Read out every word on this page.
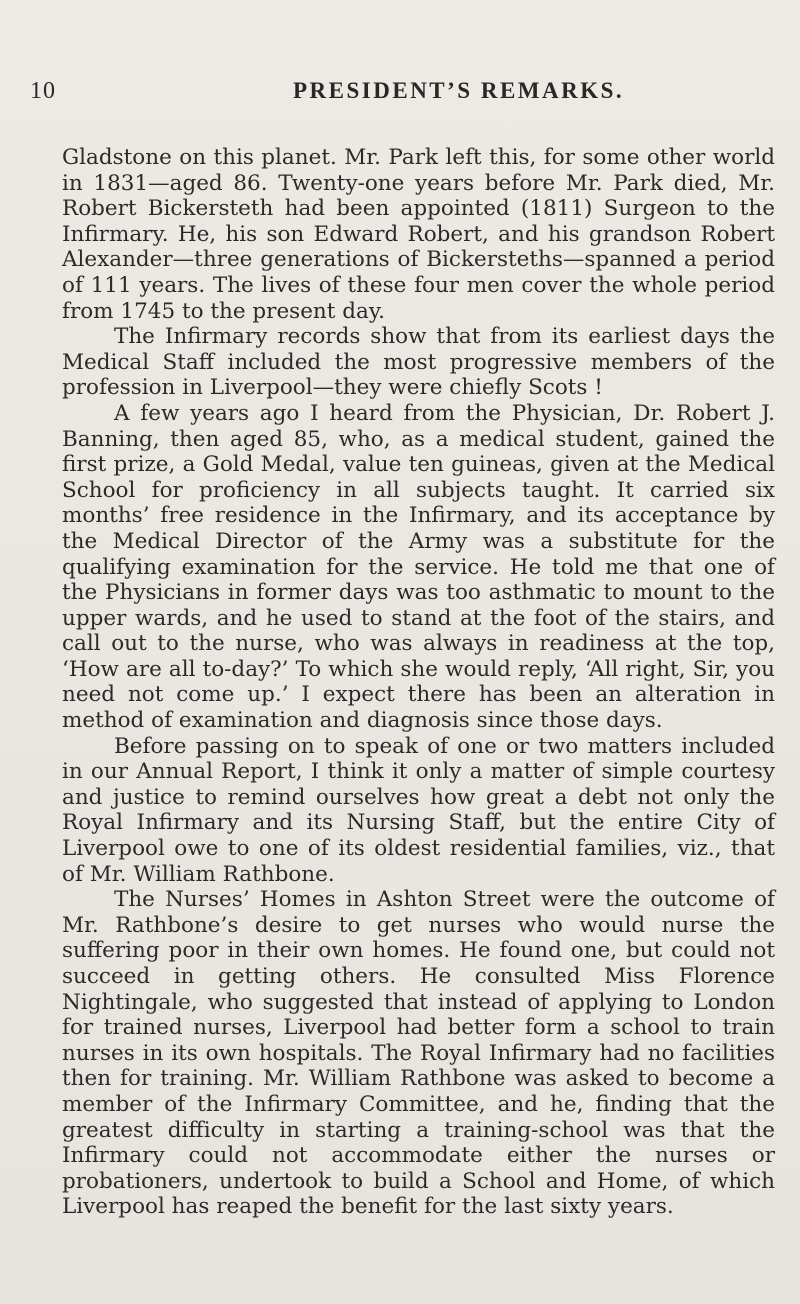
10	PRESIDENT’S REMARKS.

Gladstone on this planet. Mr. Park left this, for some other world in 1831—aged 86. Twenty-one years before Mr. Park died, Mr. Robert Bickersteth had been appointed (1811) Surgeon to the Infirmary. He, his son Edward Robert, and his grandson Robert Alexander—three generations of Bickersteths—spanned a period of 111 years. The lives of these four men cover the whole period from 1745 to the present day.

The Infirmary records show that from its earliest days the Medical Staff included the most progressive members of the profession in Liverpool—they were chiefly Scots !

A few years ago I heard from the Physician, Dr. Robert J. Banning, then aged 85, who, as a medical student, gained the first prize, a Gold Medal, value ten guineas, given at the Medical School for proficiency in all subjects taught. It carried six months’ free residence in the Infirmary, and its acceptance by the Medical Director of the Army was a substitute for the qualifying examination for the service. He told me that one of the Physicians in former days was too asthmatic to mount to the upper wards, and he used to stand at the foot of the stairs, and call out to the nurse, who was always in readiness at the top, ‘How are all to-day?’ To which she would reply, ‘All right, Sir, you need not come up.’ I expect there has been an alteration in method of examination and diagnosis since those days.

Before passing on to speak of one or two matters included in our Annual Report, I think it only a matter of simple courtesy and justice to remind ourselves how great a debt not only the Royal Infirmary and its Nursing Staff, but the entire City of Liverpool owe to one of its oldest residential families, viz., that of Mr. William Rathbone.

The Nurses’ Homes in Ashton Street were the outcome of Mr. Rathbone’s desire to get nurses who would nurse the suffering poor in their own homes. He found one, but could not succeed in getting others. He consulted Miss Florence Nightingale, who suggested that instead of applying to London for trained nurses, Liverpool had better form a school to train nurses in its own hospitals. The Royal Infirmary had no facilities then for training. Mr. William Rathbone was asked to become a member of the Infirmary Committee, and he, finding that the greatest difficulty in starting a training-school was that the Infirmary could not accommodate either the nurses or probationers, undertook to build a School and Home, of which Liverpool has reaped the benefit for the last sixty years.
